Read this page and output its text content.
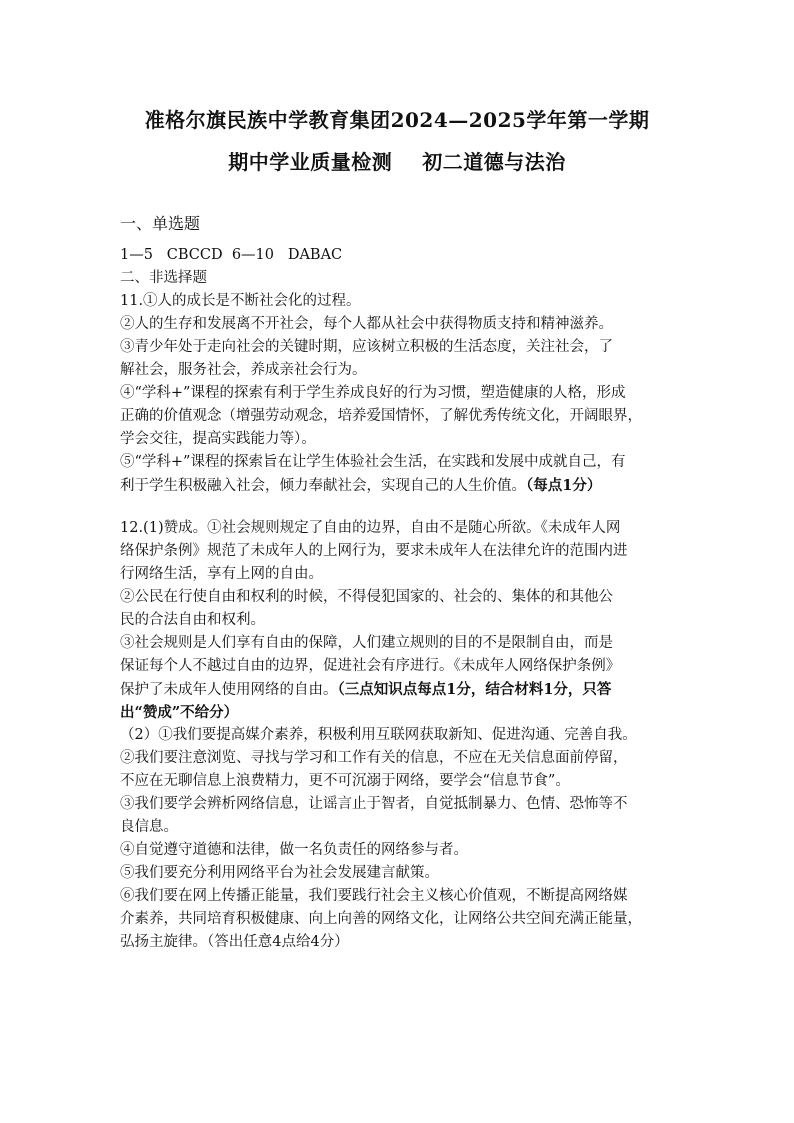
准格尔旗民族中学教育集团2024—2025学年第一学期
期中学业质量检测 初二道德与法治
一、单选题
1—5   CBCCD  6—10   DABAC
二、非选择题
11.①人的成长是不断社会化的过程。
②人的生存和发展离不开社会，每个人都从社会中获得物质支持和精神滋养。
③青少年处于走向社会的关键时期，应该树立积极的生活态度，关注社会，了
解社会，服务社会，养成亲社会行为。
④“学科+”课程的探索有利于学生养成良好的行为习惯，塑造健康的人格，形成
正确的价值观念（增强劳动观念，培养爱国情怀，了解优秀传统文化，开阔眼界，
学会交往，提高实践能力等）。
⑤“学科+”课程的探索旨在让学生体验社会生活，在实践和发展中成就自己，有
利于学生积极融入社会，倾力奉献社会，实现自己的人生价值。（每点1分）
12.(1)赞成。①社会规则规定了自由的边界，自由不是随心所欲。《未成年人网
络保护条例》规范了未成年人的上网行为，要求未成年人在法律允许的范围内进
行网络生活，享有上网的自由。
②公民在行使自由和权利的时候，不得侵犯国家的、社会的、集体的和其他公
民的合法自由和权利。
③社会规则是人们享有自由的保障，人们建立规则的目的不是限制自由，而是
保证每个人不越过自由的边界，促进社会有序进行。《未成年人网络保护条例》
保护了未成年人使用网络的自由。（三点知识点每点1分，结合材料1分，只答
出“赞成”不给分）
（2）①我们要提高媒介素养，积极利用互联网获取新知、促进沟通、完善自我。
②我们要注意浏览、寻找与学习和工作有关的信息，不应在无关信息面前停留，
不应在无聊信息上浪费精力，更不可沉溺于网络，要学会“信息节食”。
③我们要学会辨析网络信息，让谣言止于智者，自觉抵制暴力、色情、恐怖等不
良信息。
④自觉遵守道德和法律，做一名负责任的网络参与者。
⑤我们要充分利用网络平台为社会发展建言献策。
⑥我们要在网上传播正能量，我们要践行社会主义核心价值观，不断提高网络媒
介素养，共同培育积极健康、向上向善的网络文化，让网络公共空间充满正能量，
弘扬主旋律。（答出任意4点给4分）
